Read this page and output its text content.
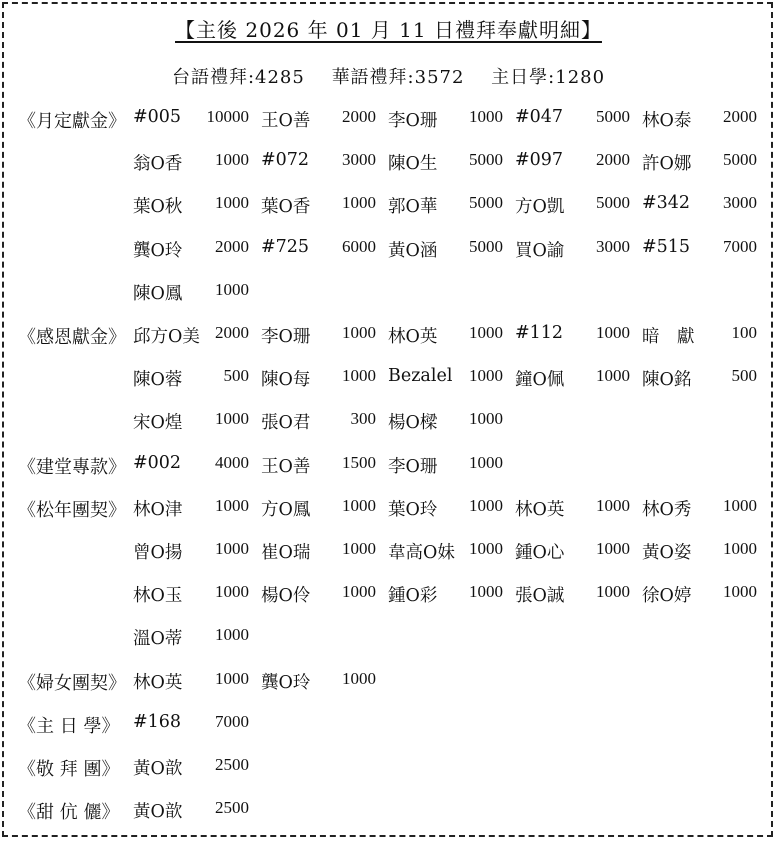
【主後 2026 年 01 月 11 日禮拜奉獻明細】
台語禮拜:4285 華語禮拜:3572 主日學:1280
《月定獻金》 #005	10000 王O善	2000 李O珊	1000 #047	5000 林O泰	2000
翁O香	1000 #072	3000 陳O生	5000 #097	2000 許O娜	5000
葉O秋	1000 葉O香	1000 郭O華	5000 方O凱	5000 #342	3000
龔O玲	2000 #725	6000 黃O涵	5000 買O諭	3000 #515	7000
陳O鳳	1000
《感恩獻金》 邱方O美 2000 李O珊	1000 林O英	1000 #112	1000 暗　獻	100
陳O蓉	500 陳O每	1000 Bezalel 1000 鐘O佩	1000 陳O銘	500
宋O煌	1000 張O君	300 楊O樑	1000
《建堂專款》 #002	4000 王O善	1500 李O珊	1000
《松年團契》 林O津	1000 方O鳳	1000 葉O玲	1000 林O英	1000 林O秀	1000
曾O揚	1000 崔O瑞	1000 韋高O妹 1000 鍾O心	1000 黃O姿	1000
林O玉	1000 楊O伶	1000 鍾O彩	1000 張O誠	1000 徐O婷	1000
溫O蒂	1000
《婦女團契》 林O英	1000 龔O玲	1000
《主 日 學》 #168	7000
《敬 拜 團》 黃O歆	2500
《甜 伉 儷》 黃O歆	2500
